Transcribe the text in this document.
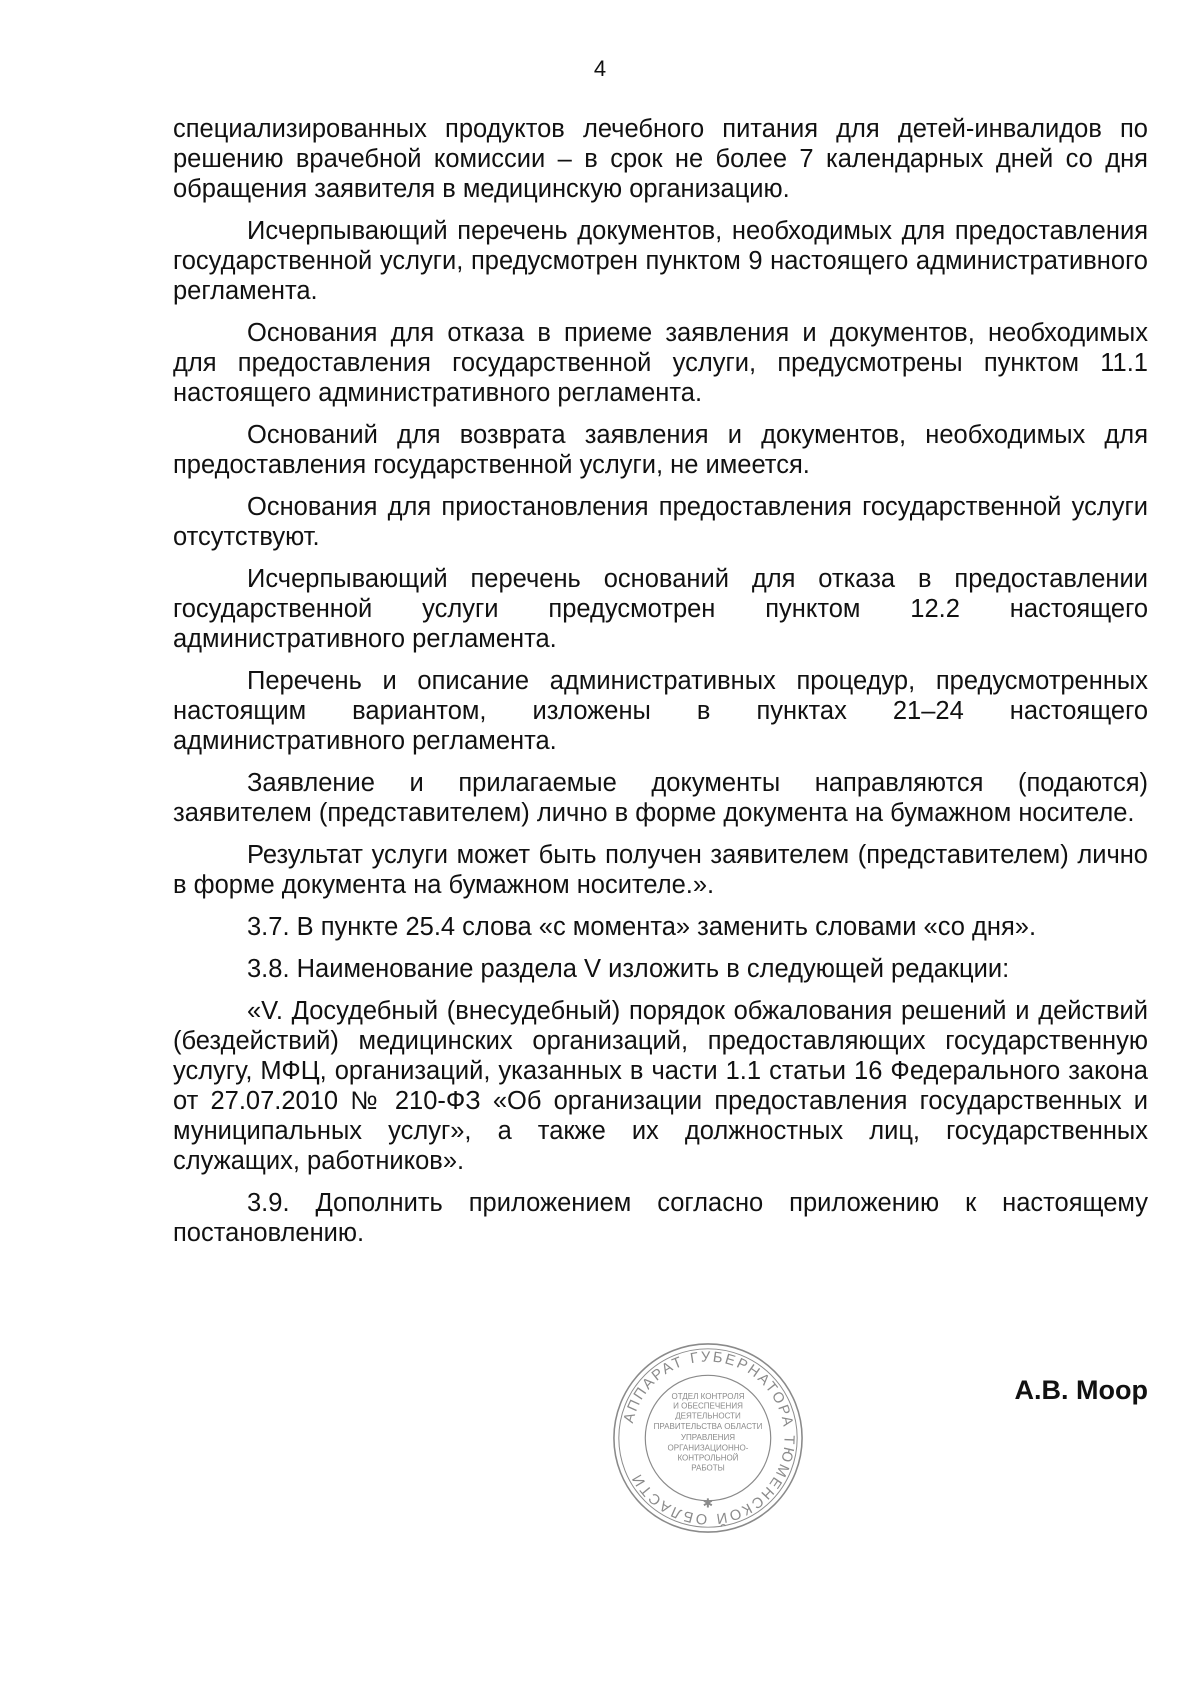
4

специализированных продуктов лечебного питания для детей-инвалидов по решению врачебной комиссии – в срок не более 7 календарных дней со дня обращения заявителя в медицинскую организацию.

Исчерпывающий перечень документов, необходимых для предоставления государственной услуги, предусмотрен пунктом 9 настоящего административного регламента.

Основания для отказа в приеме заявления и документов, необходимых для предоставления государственной услуги, предусмотрены пунктом 11.1 настоящего административного регламента.

Оснований для возврата заявления и документов, необходимых для предоставления государственной услуги, не имеется.

Основания для приостановления предоставления государственной услуги отсутствуют.

Исчерпывающий перечень оснований для отказа в предоставлении государственной услуги предусмотрен пунктом 12.2 настоящего административного регламента.

Перечень и описание административных процедур, предусмотренных настоящим вариантом, изложены в пунктах 21–24 настоящего административного регламента.

Заявление и прилагаемые документы направляются (подаются) заявителем (представителем) лично в форме документа на бумажном носителе.

Результат услуги может быть получен заявителем (представителем) лично в форме документа на бумажном носителе.».

3.7. В пункте 25.4 слова «с момента» заменить словами «со дня».

3.8. Наименование раздела V изложить в следующей редакции:

«V. Досудебный (внесудебный) порядок обжалования решений и действий (бездействий) медицинских организаций, предоставляющих государственную услугу, МФЦ, организаций, указанных в части 1.1 статьи 16 Федерального закона от 27.07.2010 № 210-ФЗ «Об организации предоставления государственных и муниципальных услуг», а также их должностных лиц, государственных служащих, работников».

3.9. Дополнить приложением согласно приложению к настоящему постановлению.

АППАРАТ ГУБЕРНАТОРА ТЮМЕНСКОЙ ОБЛАСТИ
✱
ОТДЕЛ КОНТРОЛЯ
И ОБЕСПЕЧЕНИЯ
ДЕЯТЕЛЬНОСТИ
ПРАВИТЕЛЬСТВА ОБЛАСТИ
УПРАВЛЕНИЯ
ОРГАНИЗАЦИОННО-
КОНТРОЛЬНОЙ
РАБОТЫ
А.В. Моор
